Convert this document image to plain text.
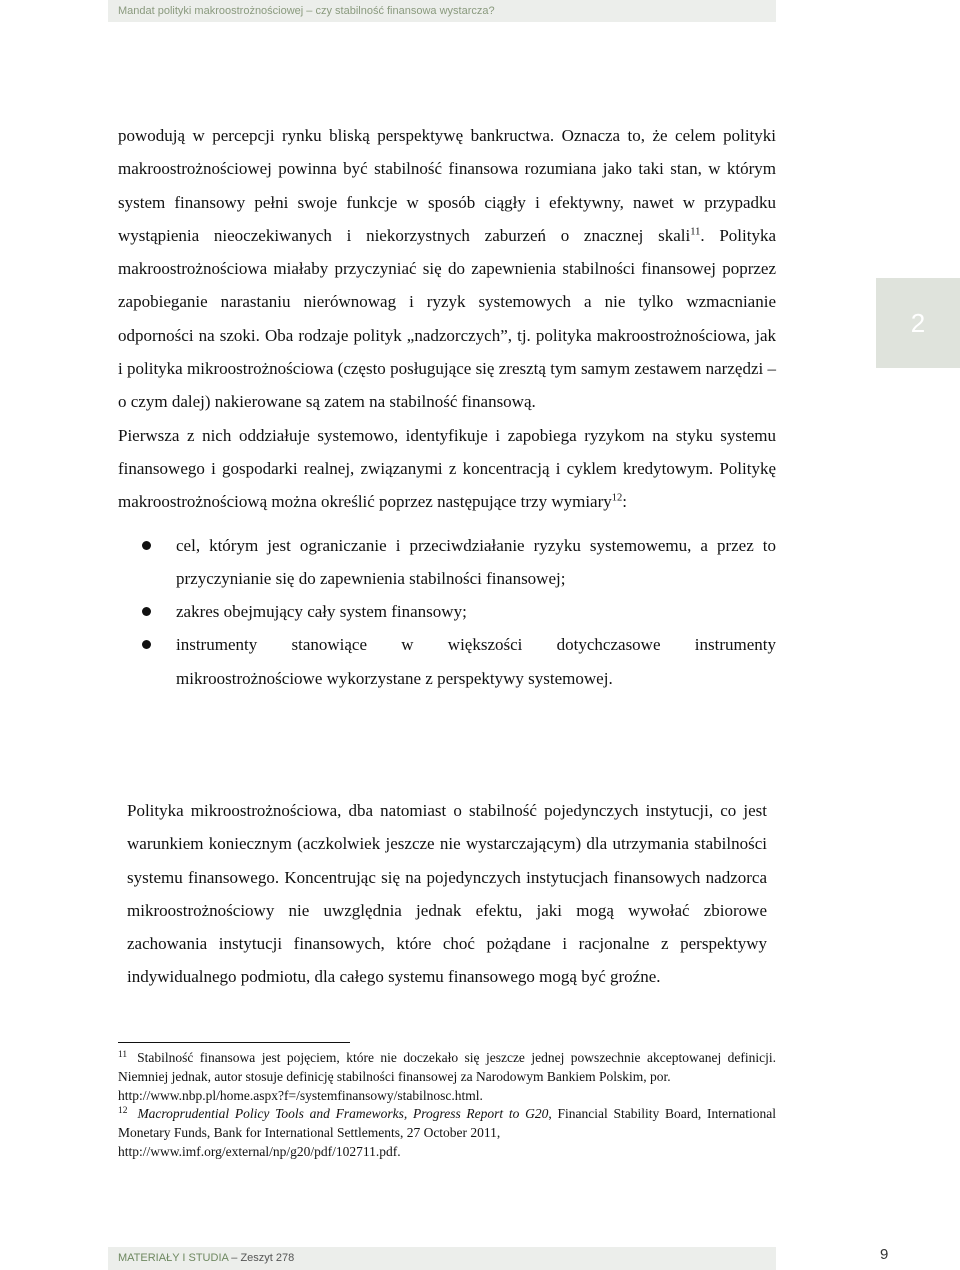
Mandat polityki makroostrożnościowej – czy stabilność finansowa wystarcza?
2

powodują w percepcji rynku bliską perspektywę bankructwa. Oznacza to, że celem polityki makroostrożnościowej powinna być stabilność finansowa rozumiana jako taki stan, w którym system finansowy pełni swoje funkcje w sposób ciągły i efektywny, nawet w przypadku wystąpienia nieoczekiwanych i niekorzystnych zaburzeń o znacznej skali$^{11}$. Polityka makroostrożnościowa miałaby przyczyniać się do zapewnienia stabilności finansowej poprzez zapobieganie narastaniu nierównowag i ryzyk systemowych a nie tylko wzmacnianie odporności na szoki. Oba rodzaje polityk „nadzorczych”, tj. polityka makroostrożnościowa, jak i polityka mikroostrożnościowa (często posługujące się zresztą tym samym zestawem narzędzi – o czym dalej) nakierowane są zatem na stabilność finansową.

Pierwsza z nich oddziałuje systemowo, identyfikuje i zapobiega ryzykom na styku systemu finansowego i gospodarki realnej, związanymi z koncentracją i cyklem kredytowym. Politykę makroostrożnościową można określić poprzez następujące trzy wymiary$^{12}$:

cel, którym jest ograniczanie i przeciwdziałanie ryzyku systemowemu, a przez to przyczynianie się do zapewnienia stabilności finansowej;
zakres obejmujący cały system finansowy;
instrumenty stanowiące w większości dotychczasowe instrumenty mikroostrożnościowe wykorzystane z perspektywy systemowej.

Polityka mikroostrożnościowa, dba natomiast o stabilność pojedynczych instytucji, co jest warunkiem koniecznym (aczkolwiek jeszcze nie wystarczającym) dla utrzymania stabilności systemu finansowego. Koncentrując się na pojedynczych instytucjach finansowych nadzorca mikroostrożnościowy nie uwzględnia jednak efektu, jaki mogą wywołać zbiorowe zachowania instytucji finansowych, które choć pożądane i racjonalne z perspektywy indywidualnego podmiotu, dla całego systemu finansowego mogą być groźne.

$^{11}$ Stabilność finansowa jest pojęciem, które nie doczekało się jeszcze jednej powszechnie akceptowanej definicji. Niemniej jednak, autor stosuje definicję stabilności finansowej za Narodowym Bankiem Polskim, por.
http://www.nbp.pl/home.aspx?f=/systemfinansowy/stabilnosc.html.

$^{12}$ Macroprudential Policy Tools and Frameworks, Progress Report to G20, Financial Stability Board, International Monetary Funds, Bank for International Settlements, 27 October 2011,
http://www.imf.org/external/np/g20/pdf/102711.pdf.

MATERIAŁY I STUDIA – Zeszyt 278	9
